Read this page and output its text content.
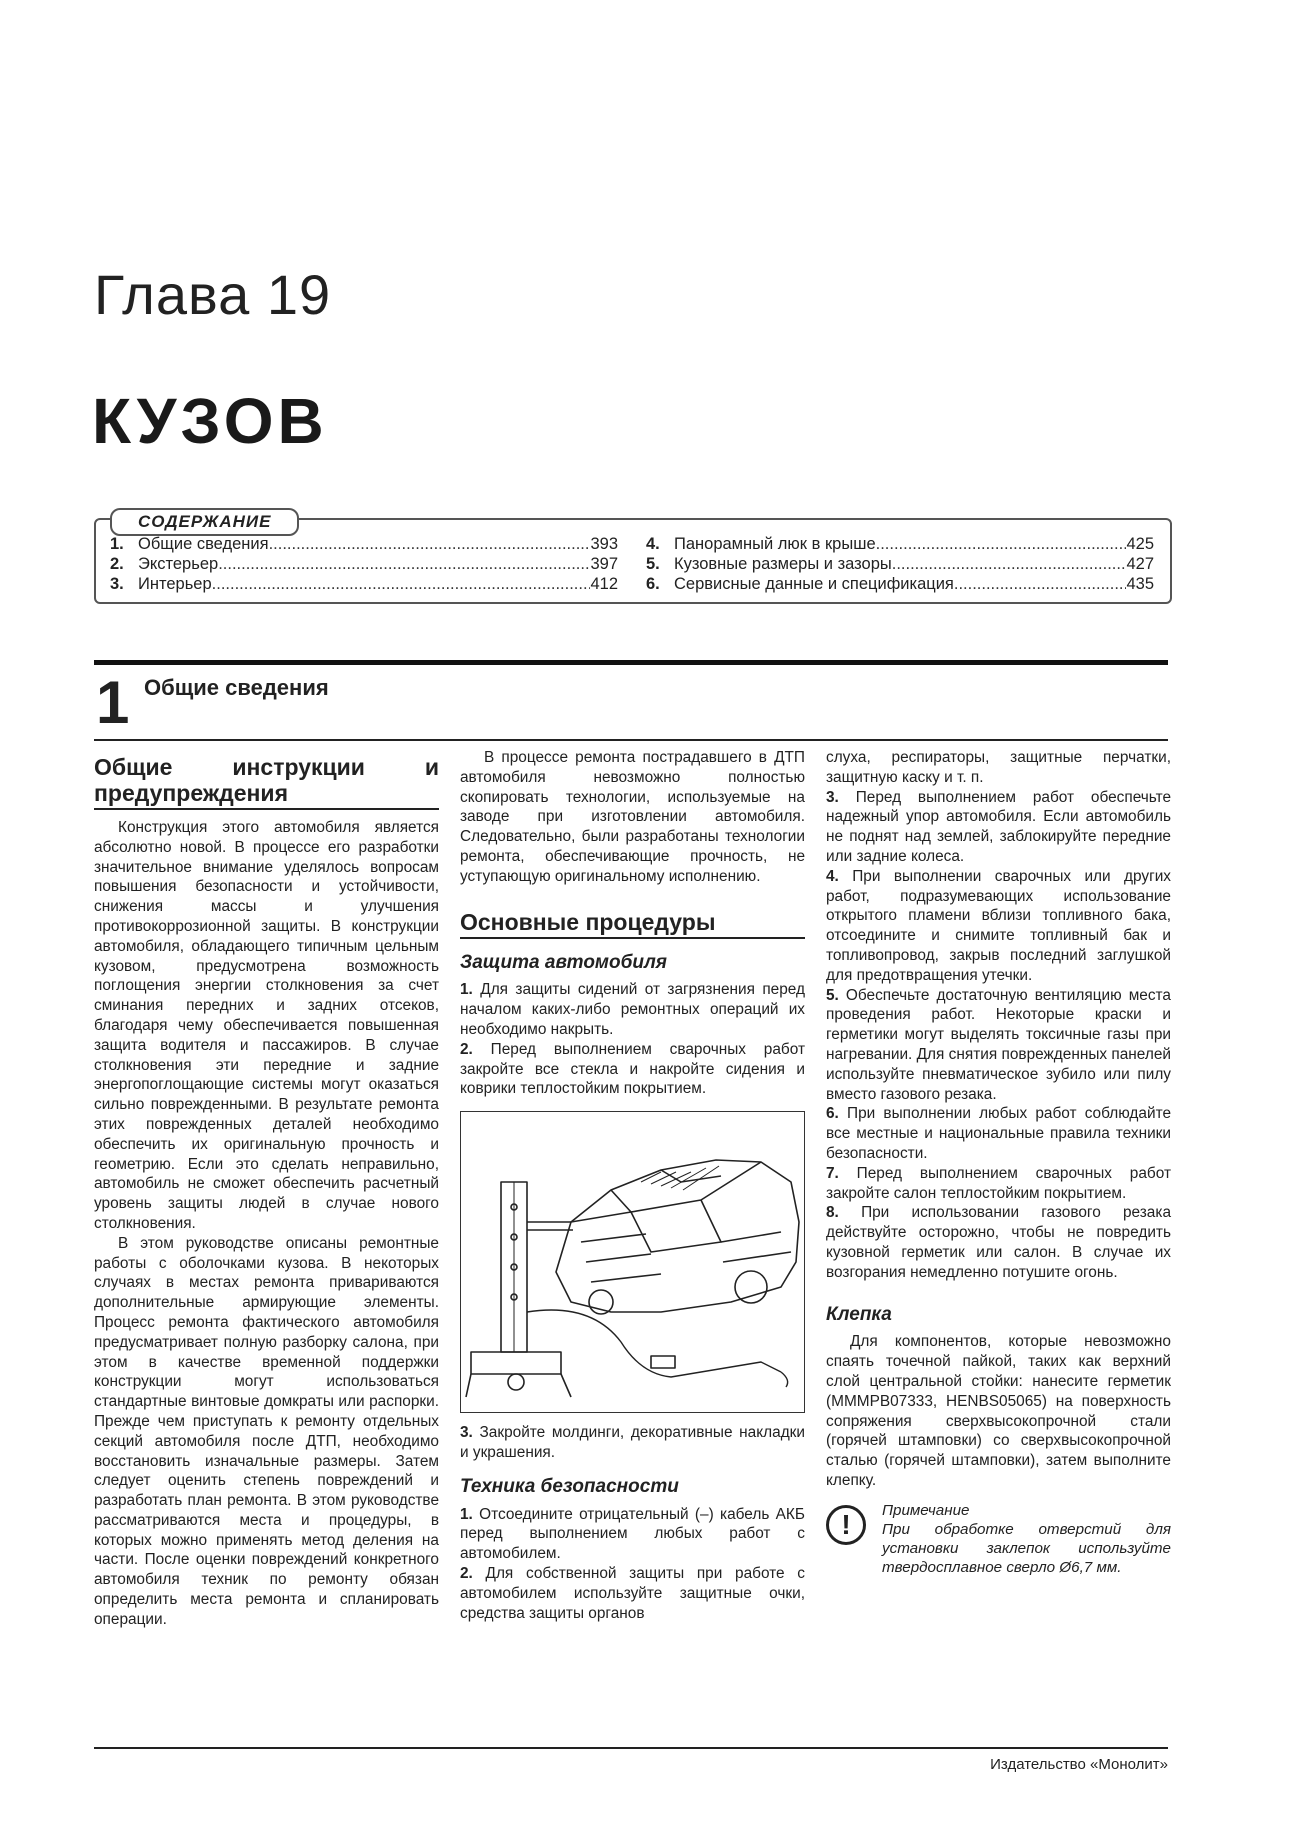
Глава 19
КУЗОВ
СОДЕРЖАНИЕ
1. Общие сведения .....	393
2. Экстерьер .....	397
3. Интерьер .....	412
4. Панорамный люк в крыше .....	425
5. Кузовные размеры и зазоры .....	427
6. Сервисные данные и спецификация .....	435
1 Общие сведения
Общие инструкции и предупреждения

Конструкция этого автомобиля является абсолютно новой. В процессе его разработки значительное внимание уделялось вопросам повышения безопасности и устойчивости, снижения массы и улучшения противокоррозионной защиты. В конструкции автомобиля, обладающего типичным цельным кузовом, предусмотрена возможность поглощения энергии столкновения за счет сминания передних и задних отсеков, благодаря чему обеспечивается повышенная защита водителя и пассажиров. В случае столкновения эти передние и задние энергопоглощающие системы могут оказаться сильно поврежденными. В результате ремонта этих поврежденных деталей необходимо обеспечить их оригинальную прочность и геометрию. Если это сделать неправильно, автомобиль не сможет обеспечить расчетный уровень защиты людей в случае нового столкновения.

В этом руководстве описаны ремонтные работы с оболочками кузова. В некоторых случаях в местах ремонта привариваются дополнительные армирующие элементы. Процесс ремонта фактического автомобиля предусматривает полную разборку салона, при этом в качестве временной поддержки конструкции могут использоваться стандартные винтовые домкраты или распорки. Прежде чем приступать к ремонту отдельных секций автомобиля после ДТП, необходимо восстановить изначальные размеры. Затем следует оценить степень повреждений и разработать план ремонта. В этом руководстве рассматриваются места и процедуры, в которых можно применять метод деления на части. После оценки повреждений конкретного автомобиля техник по ремонту обязан определить места ремонта и спланировать операции.

В процессе ремонта пострадавшего в ДТП автомобиля невозможно полностью скопировать технологии, используемые на заводе при изготовлении автомобиля. Следовательно, были разработаны технологии ремонта, обеспечивающие прочность, не уступающую оригинальному исполнению.

Основные процедуры
Защита автомобиля

1. Для защиты сидений от загрязнения перед началом каких-либо ремонтных операций их необходимо накрыть.

2. Перед выполнением сварочных работ закройте все стекла и накройте сидения и коврики теплостойким покрытием.

3. Закройте молдинги, декоративные накладки и украшения.

Техника безопасности

1. Отсоедините отрицательный (–) кабель АКБ перед выполнением любых работ с автомобилем.

2. Для собственной защиты при работе с автомобилем используйте защитные очки, средства защиты органов

слуха, респираторы, защитные перчатки, защитную каску и т. п.

3. Перед выполнением работ обеспечьте надежный упор автомобиля. Если автомобиль не поднят над землей, заблокируйте передние или задние колеса.

4. При выполнении сварочных или других работ, подразумевающих использование открытого пламени вблизи топливного бака, отсоедините и снимите топливный бак и топливопровод, закрыв последний заглушкой для предотвращения утечки.

5. Обеспечьте достаточную вентиляцию места проведения работ. Некоторые краски и герметики могут выделять токсичные газы при нагревании. Для снятия поврежденных панелей используйте пневматическое зубило или пилу вместо газового резака.

6. При выполнении любых работ соблюдайте все местные и национальные правила техники безопасности.

7. Перед выполнением сварочных работ закройте салон теплостойким покрытием.

8. При использовании газового резака действуйте осторожно, чтобы не повредить кузовной герметик или салон. В случае их возгорания немедленно потушите огонь.

Клепка

Для компонентов, которые невозможно спаять точечной пайкой, таких как верхний слой центральной стойки: нанесите герметик (MMMPB07333, HENBS05065) на поверхность сопряжения сверхвысокопрочной стали (горячей штамповки) со сверхвысокопрочной сталью (горячей штамповки), затем выполните клепку.

!	Примечание
При обработке отверстий для установки заклепок используйте твердосплавное сверло Ø6,7 мм.
Издательство «Монолит»
